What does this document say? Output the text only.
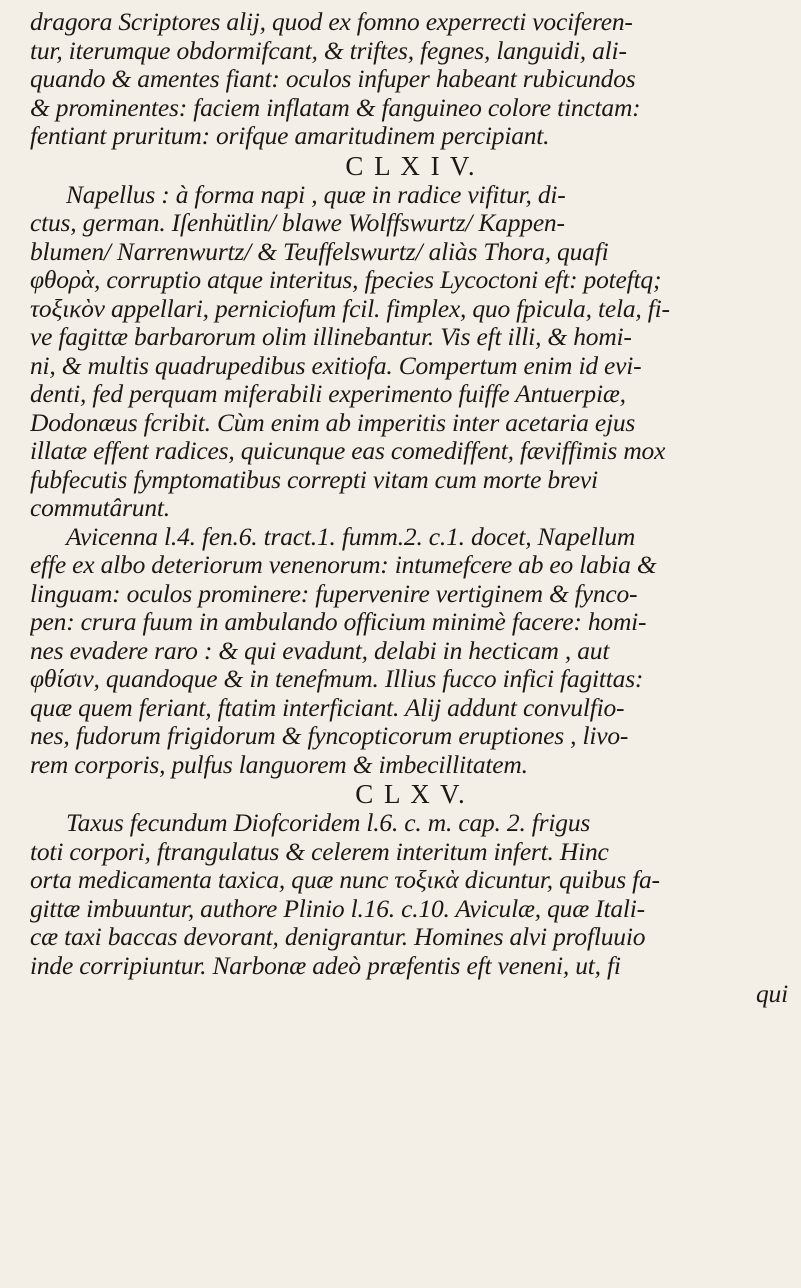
dragora Scriptores alij, quod ex fomno experrecti vociferen-
tur, iterumque obdormifcant, & triftes, fegnes, languidi, ali-
quando & amentes fiant: oculos infuper habeant rubicundos
& prominentes: faciem inflatam & fanguineo colore tinctam:
fentiant pruritum: orifque amaritudinem percipiant.
C L X I V.
Napellus : à forma napi , quæ in radice vifitur, di-
ctus, german. Iſenhütlin/ blawe Wolffswurtz/ Kappen-
blumen/ Narrenwurtz/ & Teuffelswurtz/ aliàs Thora, quafi
φθορὰ, corruptio atque interitus, fpecies Lycoctoni eft: poteftq;
τοξικὸν appellari, perniciofum fcil. fimplex, quo fpicula, tela, fi-
ve fagittæ barbarorum olim illinebantur. Vis eft illi, & homi-
ni, & multis quadrupedibus exitiofa. Compertum enim id evi-
denti, fed perquam miferabili experimento fuiffe Antuerpiæ,
Dodonæus fcribit. Cùm enim ab imperitis inter acetaria ejus
illatæ effent radices, quicunque eas comediffent, fæviffimis mox
fubfecutis fymptomatibus correpti vitam cum morte brevi
commutârunt.
Avicenna l.4. fen.6. tract.1. fumm.2. c.1. docet, Napellum
effe ex albo deteriorum venenorum: intumefcere ab eo labia &
linguam: oculos prominere: fupervenire vertiginem & fynco-
pen: crura fuum in ambulando officium minimè facere: homi-
nes evadere raro : & qui evadunt, delabi in hecticam , aut
φθίσιν, quandoque & in tenefmum. Illius fucco infici fagittas:
quæ quem feriant, ftatim interficiant. Alij addunt convulfio-
nes, fudorum frigidorum & fyncopticorum eruptiones , livo-
rem corporis, pulfus languorem & imbecillitatem.
C L X V.
Taxus fecundum Diofcoridem l.6. c. m. cap. 2. frigus
toti corpori, ftrangulatus & celerem interitum infert. Hinc
orta medicamenta taxica, quæ nunc τοξικὰ dicuntur, quibus fa-
gittæ imbuuntur, authore Plinio l.16. c.10. Aviculæ, quæ Itali-
cæ taxi baccas devorant, denigrantur. Homines alvi profluuio
inde corripiuntur. Narbonæ adeò præfentis eft veneni, ut, fi
qui
